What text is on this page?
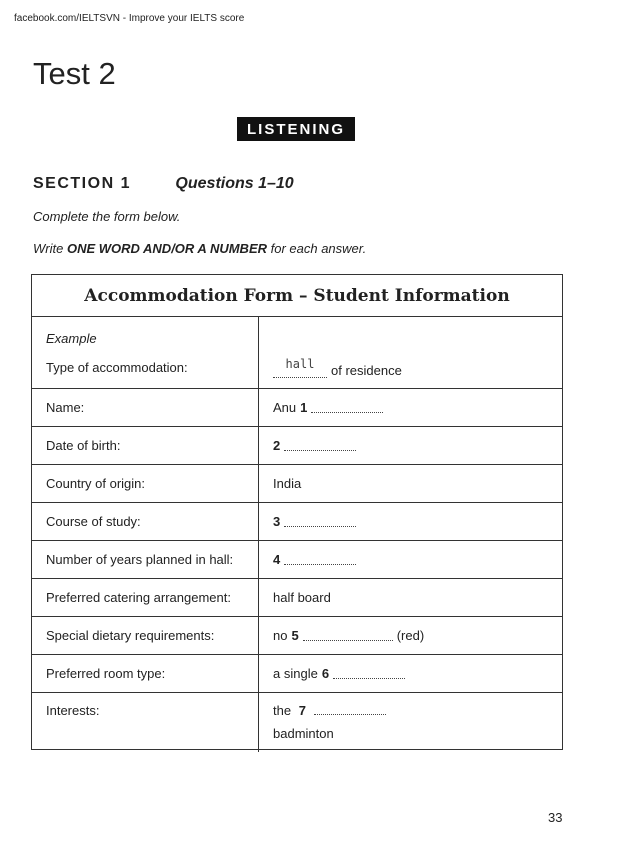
facebook.com/IELTSVN - Improve your IELTS score
Test 2
LISTENING
SECTION 1	Questions 1–10
Complete the form below.
Write ONE WORD AND/OR A NUMBER for each answer.
Accommodation Form – Student Information
Example
Type of accommodation:	hall	of residence
Name:	Anu 1
Date of birth:	2
Country of origin:	India
Course of study:	3
Number of years planned in hall:	4
Preferred catering arrangement:	half board
Special dietary requirements:	no 5	(red)
Preferred room type:	a single 6
Interests:	the 7
badminton
33
